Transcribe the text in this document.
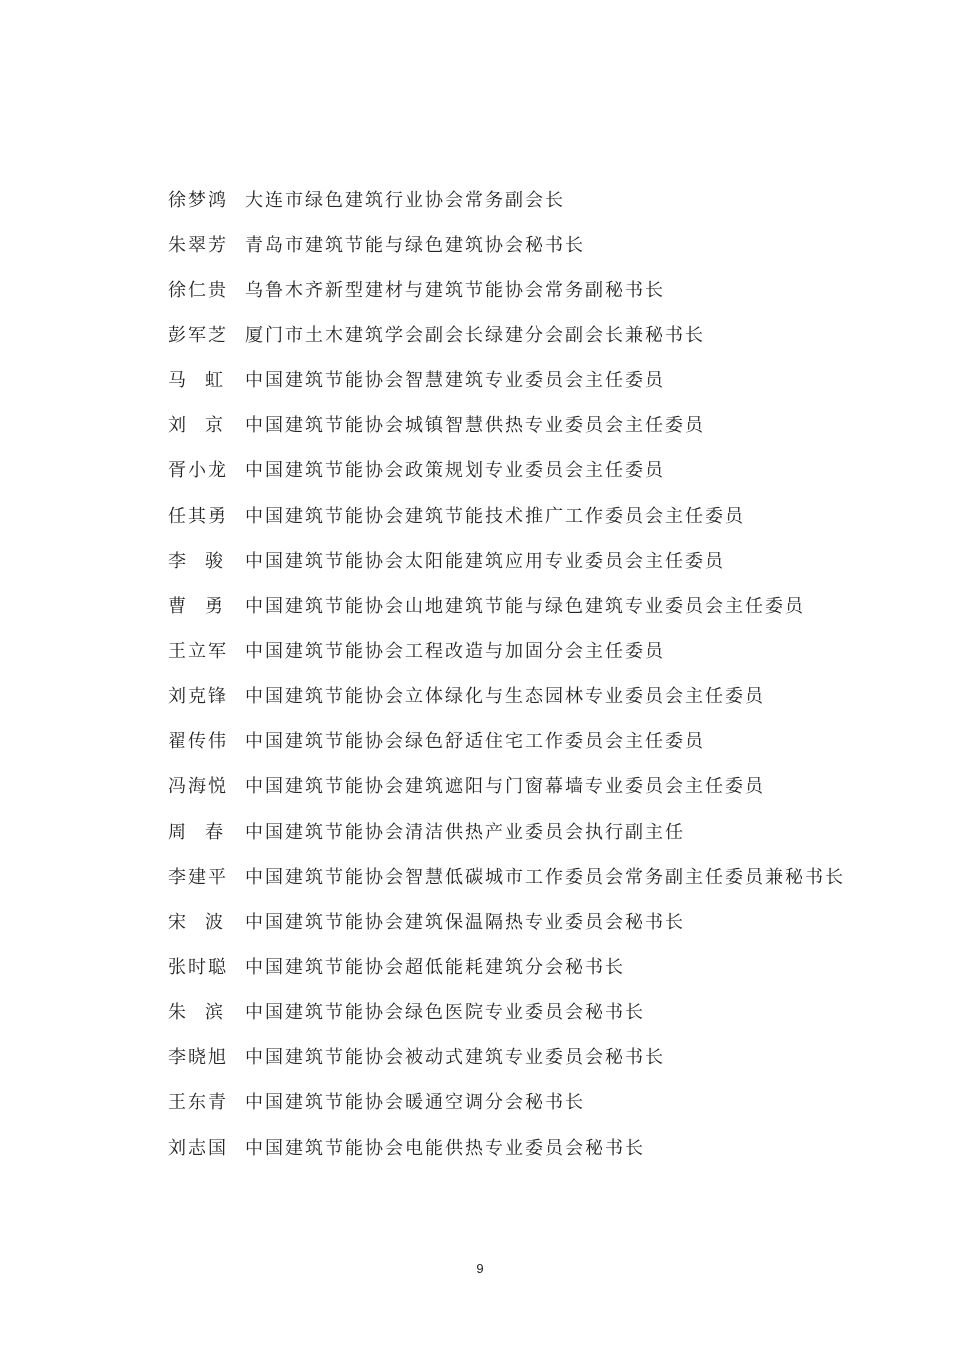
徐 梦 鸿 大连市绿色建筑行业协会常务副会长
朱 翠 芳 青岛市建筑节能与绿色建筑协会秘书长
徐 仁 贵 乌鲁木齐新型建材与建筑节能协会常务副秘书长
彭 军 芝 厦门市土木建筑学会副会长绿建分会副会长兼秘书长
马 虹 中国建筑节能协会智慧建筑专业委员会主任委员
刘 京 中国建筑节能协会城镇智慧供热专业委员会主任委员
胥 小 龙 中国建筑节能协会政策规划专业委员会主任委员
任 其 勇 中国建筑节能协会建筑节能技术推广工作委员会主任委员
李 骏 中国建筑节能协会太阳能建筑应用专业委员会主任委员
曹 勇 中国建筑节能协会山地建筑节能与绿色建筑专业委员会主任委员
王 立 军 中国建筑节能协会工程改造与加固分会主任委员
刘 克 锋 中国建筑节能协会立体绿化与生态园林专业委员会主任委员
翟 传 伟 中国建筑节能协会绿色舒适住宅工作委员会主任委员
冯 海 悦 中国建筑节能协会建筑遮阳与门窗幕墙专业委员会主任委员
周 春 中国建筑节能协会清洁供热产业委员会执行副主任
李 建 平 中国建筑节能协会智慧低碳城市工作委员会常务副主任委员兼秘书长
宋 波 中国建筑节能协会建筑保温隔热专业委员会秘书长
张 时 聪 中国建筑节能协会超低能耗建筑分会秘书长
朱 滨 中国建筑节能协会绿色医院专业委员会秘书长
李 晓 旭 中国建筑节能协会被动式建筑专业委员会秘书长
王 东 青 中国建筑节能协会暖通空调分会秘书长
刘 志 国 中国建筑节能协会电能供热专业委员会秘书长
9
